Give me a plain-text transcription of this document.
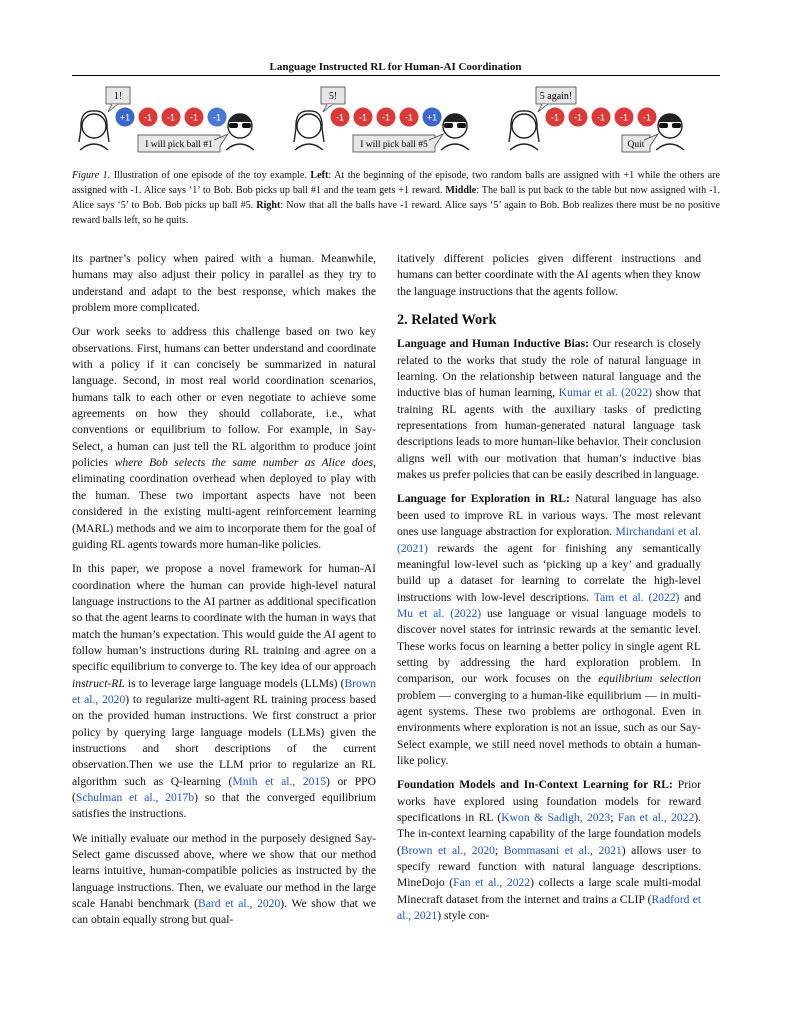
Language Instructed RL for Human-AI Coordination
1!
+1 -1 -1 -1 -1
I will pick ball #1
5!
-1 -1 -1 -1 +1
I will pick ball #5
5 again!
-1 -1 -1 -1 -1
Quit
Figure 1. Illustration of one episode of the toy example. Left: At the beginning of the episode, two random balls are assigned with +1 while the others are assigned with -1. Alice says ‘1’ to Bob. Bob picks up ball #1 and the team gets +1 reward. Middle: The ball is put back to the table but now assigned with -1. Alice says ‘5’ to Bob. Bob picks up ball #5. Right: Now that all the balls have -1 reward. Alice says ‘5’ again to Bob. Bob realizes there must be no positive reward balls left, so he quits.

its partner’s policy when paired with a human. Meanwhile, humans may also adjust their policy in parallel as they try to understand and adapt to the best response, which makes the problem more complicated.

Our work seeks to address this challenge based on two key observations. First, humans can better understand and coordinate with a policy if it can concisely be summarized in natural language. Second, in most real world coordination scenarios, humans talk to each other or even negotiate to achieve some agreements on how they should collaborate, i.e., what conventions or equilibrium to follow. For example, in Say-Select, a human can just tell the RL algorithm to produce joint policies where Bob selects the same number as Alice does, eliminating coordination overhead when deployed to play with the human. These two important aspects have not been considered in the existing multi-agent reinforcement learning (MARL) methods and we aim to incorporate them for the goal of guiding RL agents towards more human-like policies.

In this paper, we propose a novel framework for human-AI coordination where the human can provide high-level natural language instructions to the AI partner as additional specification so that the agent learns to coordinate with the human in ways that match the human’s expectation. This would guide the AI agent to follow human’s instructions during RL training and agree on a specific equilibrium to converge to. The key idea of our approach instruct-RL is to leverage large language models (LLMs) (Brown et al., 2020) to regularize multi-agent RL training process based on the provided human instructions. We first construct a prior policy by querying large language models (LLMs) given the instructions and short descriptions of the current observation.Then we use the LLM prior to regularize an RL algorithm such as Q-learning (Mnih et al., 2015) or PPO (Schulman et al., 2017b) so that the converged equilibrium satisfies the instructions.

We initially evaluate our method in the purposely designed Say-Select game discussed above, where we show that our method learns intuitive, human-compatible policies as instructed by the language instructions. Then, we evaluate our method in the large scale Hanabi benchmark (Bard et al., 2020). We show that we can obtain equally strong but qual-

itatively different policies given different instructions and humans can better coordinate with the AI agents when they know the language instructions that the agents follow.

2. Related Work

Language and Human Inductive Bias: Our research is closely related to the works that study the role of natural language in learning. On the relationship between natural language and the inductive bias of human learning, Kumar et al. (2022) show that training RL agents with the auxiliary tasks of predicting representations from human-generated natural language task descriptions leads to more human-like behavior. Their conclusion aligns well with our motivation that human’s inductive bias makes us prefer policies that can be easily described in language.

Language for Exploration in RL: Natural language has also been used to improve RL in various ways. The most relevant ones use language abstraction for exploration. Mirchandani et al. (2021) rewards the agent for finishing any semantically meaningful low-level such as ‘picking up a key’ and gradually build up a dataset for learning to correlate the high-level instructions with low-level descriptions. Tam et al. (2022) and Mu et al. (2022) use language or visual language models to discover novel states for intrinsic rewards at the semantic level. These works focus on learning a better policy in single agent RL setting by addressing the hard exploration problem. In comparison, our work focuses on the equilibrium selection problem — converging to a human-like equilibrium — in multi-agent systems. These two problems are orthogonal. Even in environments where exploration is not an issue, such as our Say-Select example, we still need novel methods to obtain a human-like policy.

Foundation Models and In-Context Learning for RL: Prior works have explored using foundation models for reward specifications in RL (Kwon & Sadigh, 2023; Fan et al., 2022). The in-context learning capability of the large foundation models (Brown et al., 2020; Bommasani et al., 2021) allows user to specify reward function with natural language descriptions. MineDojo (Fan et al., 2022) collects a large scale multi-modal Minecraft dataset from the internet and trains a CLIP (Radford et al., 2021) style con-
